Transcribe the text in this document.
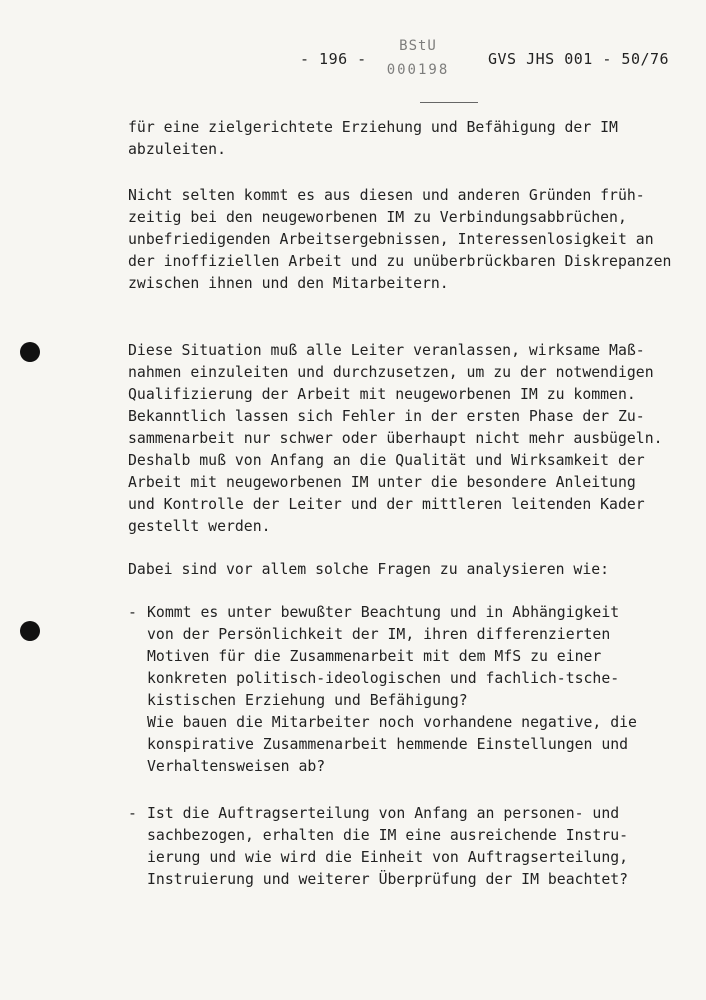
- 196 -
BStU
000198
GVS JHS 001 - 50/76
für eine zielgerichtete Erziehung und Befähigung der IM
abzuleiten.
Nicht selten kommt es aus diesen und anderen Gründen früh-
zeitig bei den neugeworbenen IM zu Verbindungsabbrüchen,
unbefriedigenden Arbeitsergebnissen, Interessenlosigkeit an
der inoffiziellen Arbeit und zu unüberbrückbaren Diskrepanzen
zwischen ihnen und den Mitarbeitern.
Diese Situation muß alle Leiter veranlassen, wirksame Maß-
nahmen einzuleiten und durchzusetzen, um zu der notwendigen
Qualifizierung der Arbeit mit neugeworbenen IM zu kommen.
Bekanntlich lassen sich Fehler in der ersten Phase der Zu-
sammenarbeit nur schwer oder überhaupt nicht mehr ausbügeln.
Deshalb muß von Anfang an die Qualität und Wirksamkeit der
Arbeit mit neugeworbenen IM unter die besondere Anleitung
und Kontrolle der Leiter und der mittleren leitenden Kader
gestellt werden.
Dabei sind vor allem solche Fragen zu analysieren wie:
- Kommt es unter bewußter Beachtung und in Abhängigkeit
von der Persönlichkeit der IM, ihren differenzierten
Motiven für die Zusammenarbeit mit dem MfS zu einer
konkreten politisch-ideologischen und fachlich-tsche-
kistischen Erziehung und Befähigung?
Wie bauen die Mitarbeiter noch vorhandene negative, die
konspirative Zusammenarbeit hemmende Einstellungen und
Verhaltensweisen ab?
- Ist die Auftragserteilung von Anfang an personen- und
sachbezogen, erhalten die IM eine ausreichende Instru-
ierung und wie wird die Einheit von Auftragserteilung,
Instruierung und weiterer Überprüfung der IM beachtet?
